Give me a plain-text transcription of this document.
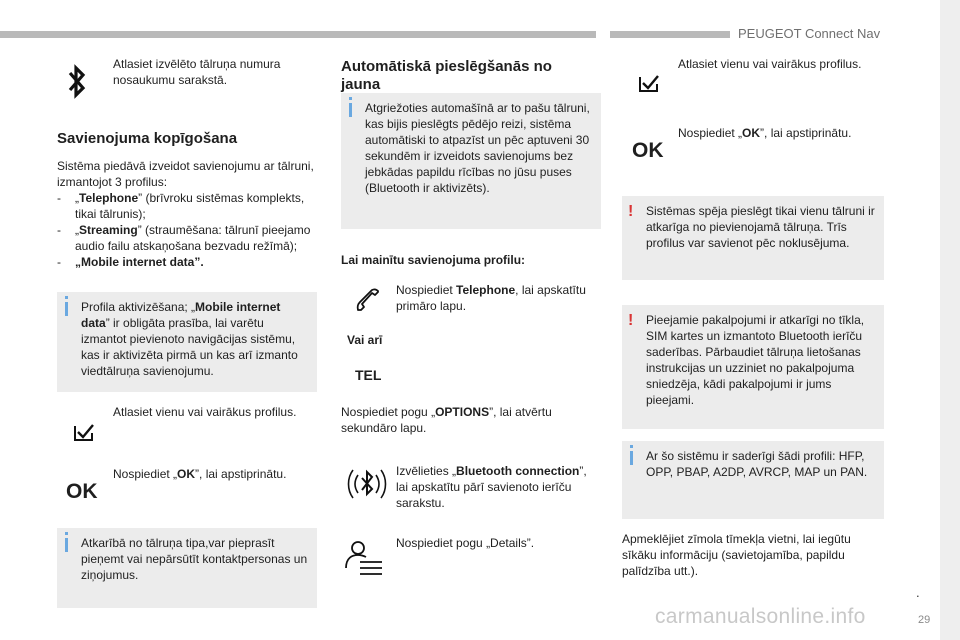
PEUGEOT Connect Nav
.
29
Atlasiet izvēlēto tālruņa numura nosaukumu sarakstā.
Savienojuma kopīgošana
Sistēma piedāvā izveidot savienojumu ar tālruni, izmantojot 3 profilus:
- „Telephone” (brīvroku sistēmas komplekts, tikai tālrunis);
- „Streaming” (straumēšana: tālrunī pieejamo audio failu atskaņošana bezvadu režīmā);
- „Mobile internet data”.
Profila aktivizēšana; „Mobile internet data” ir obligāta prasība, lai varētu izmantot pievienoto navigācijas sistēmu, kas ir aktivizēta pirmā un kas arī izmanto viedtālruņa savienojumu.
Atlasiet vienu vai vairākus profilus.
OK
Nospiediet „OK”, lai apstiprinātu.
Atkarībā no tālruņa tipa,var pieprasīt pieņemt vai nepārsūtīt kontaktpersonas un ziņojumus.
Automātiskā pieslēgšanās no jauna
Atgriežoties automašīnā ar to pašu tālruni, kas bijis pieslēgts pēdējo reizi, sistēma automātiski to atpazīst un pēc aptuveni 30 sekundēm ir izveidots savienojums bez jebkādas papildu rīcības no jūsu puses (Bluetooth ir aktivizēts).
Lai mainītu savienojuma profilu:
Nospiediet Telephone, lai apskatītu primāro lapu.
Vai arī
TEL
Nospiediet pogu „OPTIONS”, lai atvērtu sekundāro lapu.
Izvēlieties „Bluetooth connection”, lai apskatītu pārī savienoto ierīču sarakstu.
Nospiediet pogu „Details”.
Atlasiet vienu vai vairākus profilus.
OK
Nospiediet „OK”, lai apstiprinātu.
! Sistēmas spēja pieslēgt tikai vienu tālruni ir atkarīga no pievienojamā tālruņa. Trīs profilus var savienot pēc noklusējuma.
! Pieejamie pakalpojumi ir atkarīgi no tīkla, SIM kartes un izmantoto Bluetooth ierīču saderības. Pārbaudiet tālruņa lietošanas instrukcijas un uzziniet no pakalpojuma sniedzēja, kādi pakalpojumi ir jums pieejami.
Ar šo sistēmu ir saderīgi šādi profili: HFP, OPP, PBAP, A2DP, AVRCP, MAP un PAN.
Apmeklējiet zīmola tīmekļa vietni, lai iegūtu sīkāku informāciju (savietojamība, papildu palīdzība utt.).
carmanualsonline.info
